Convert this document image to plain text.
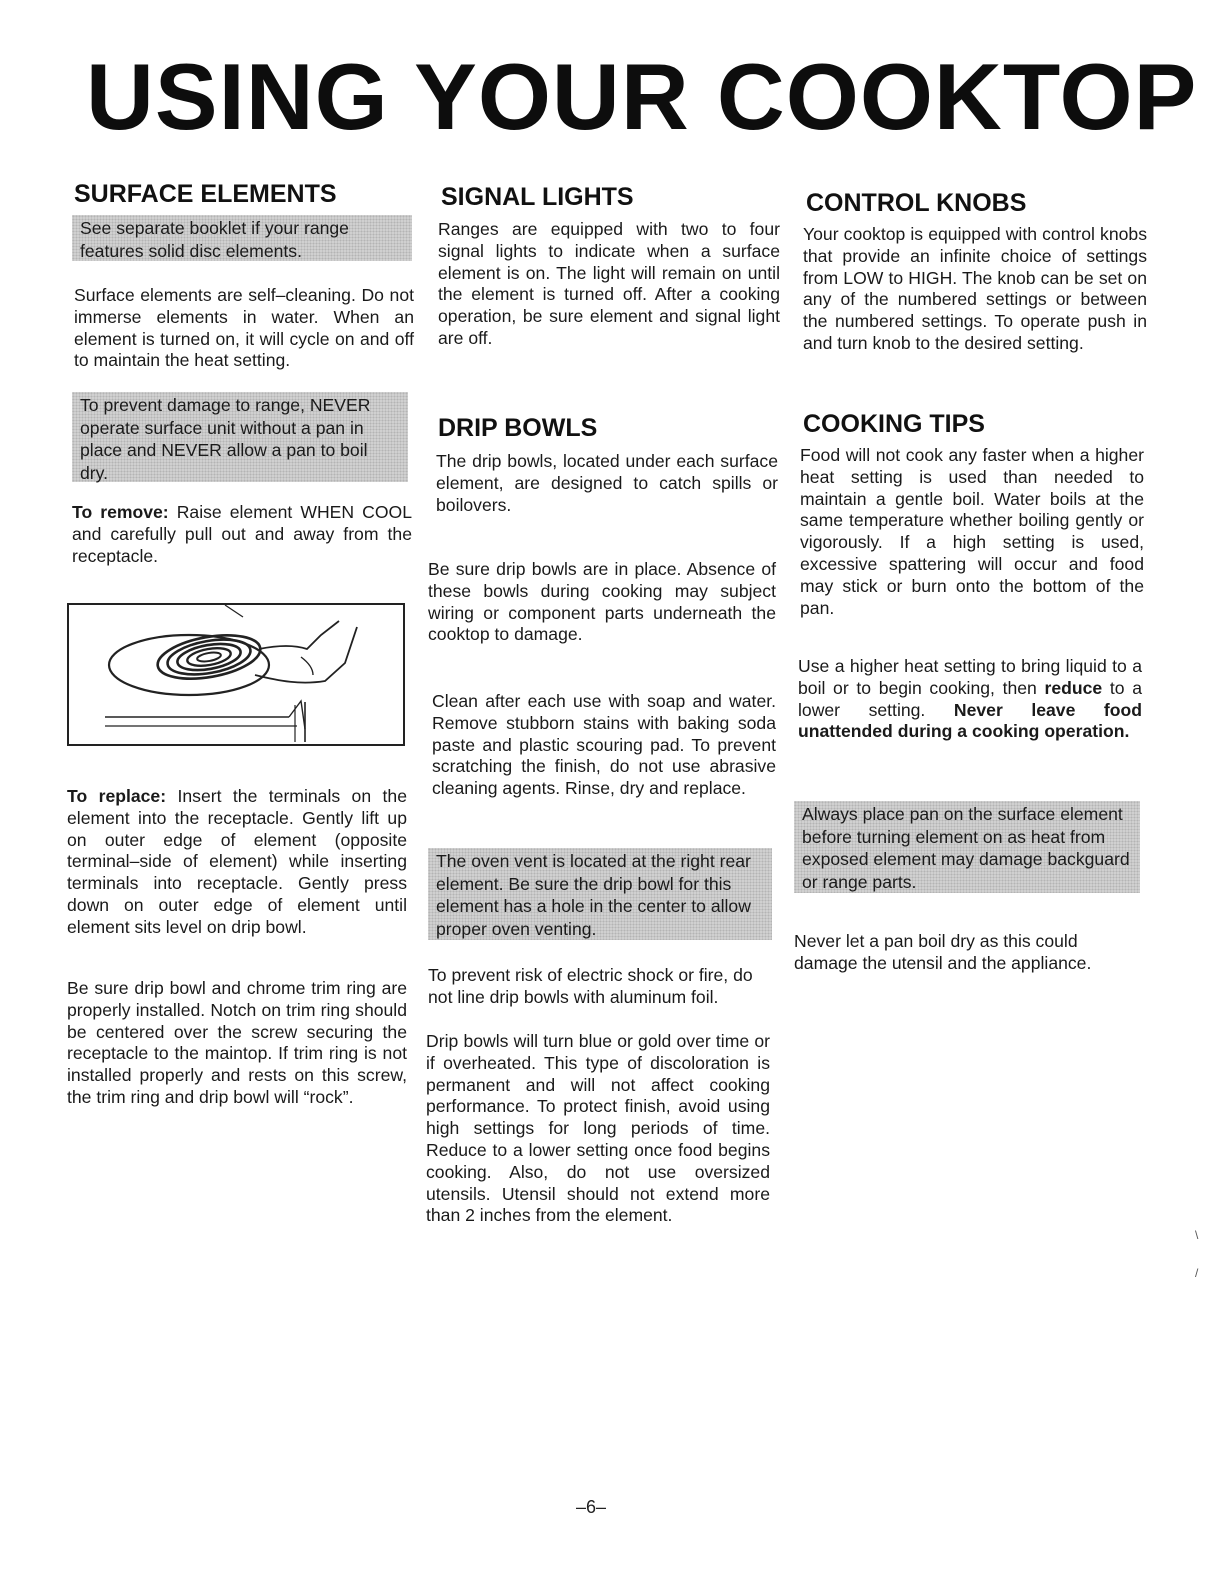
USING YOUR COOKTOP
SURFACE ELEMENTS
See separate booklet if your range features solid disc elements.

Surface elements are self–cleaning. Do not immerse elements in water. When an element is turned on, it will cycle on and off to maintain the heat setting.

To prevent damage to range, NEVER operate surface unit without a pan in place and NEVER allow a pan to boil dry.

To remove: Raise element WHEN COOL and carefully pull out and away from the receptacle.

To replace: Insert the terminals on the element into the receptacle. Gently lift up on outer edge of element (opposite terminal–side of element) while inserting terminals into receptacle. Gently press down on outer edge of element until element sits level on drip bowl.

Be sure drip bowl and chrome trim ring are properly installed. Notch on trim ring should be centered over the screw securing the receptacle to the maintop. If trim ring is not installed properly and rests on this screw, the trim ring and drip bowl will “rock”.

SIGNAL LIGHTS

Ranges are equipped with two to four signal lights to indicate when a surface element is on. The light will remain on until the element is turned off. After a cooking operation, be sure element and signal light are off.

DRIP BOWLS

The drip bowls, located under each surface element, are designed to catch spills or boilovers.

Be sure drip bowls are in place. Absence of these bowls during cooking may subject wiring or component parts underneath the cooktop to damage.

Clean after each use with soap and water. Remove stubborn stains with baking soda paste and plastic scouring pad. To prevent scratching the finish, do not use abrasive cleaning agents. Rinse, dry and replace.

The oven vent is located at the right rear element. Be sure the drip bowl for this element has a hole in the center to allow proper oven venting.

To prevent risk of electric shock or fire, do not line drip bowls with aluminum foil.

Drip bowls will turn blue or gold over time or if overheated. This type of discoloration is permanent and will not affect cooking performance. To protect finish, avoid using high settings for long periods of time. Reduce to a lower setting once food begins cooking. Also, do not use oversized utensils. Utensil should not extend more than 2 inches from the element.

CONTROL KNOBS

Your cooktop is equipped with control knobs that provide an infinite choice of settings from LOW to HIGH. The knob can be set on any of the numbered settings or between the numbered settings. To operate push in and turn knob to the desired setting.

COOKING TIPS

Food will not cook any faster when a higher heat setting is used than needed to maintain a gentle boil. Water boils at the same temperature whether boiling gently or vigorously. If a high setting is used, excessive spattering will occur and food may stick or burn onto the bottom of the pan.

Use a higher heat setting to bring liquid to a boil or to begin cooking, then reduce to a lower setting. Never leave food unattended during a cooking operation.

Always place pan on the surface element before turning element on as heat from exposed element may damage backguard or range parts.

Never let a pan boil dry as this could damage the utensil and the appliance.

–6–
\
/
